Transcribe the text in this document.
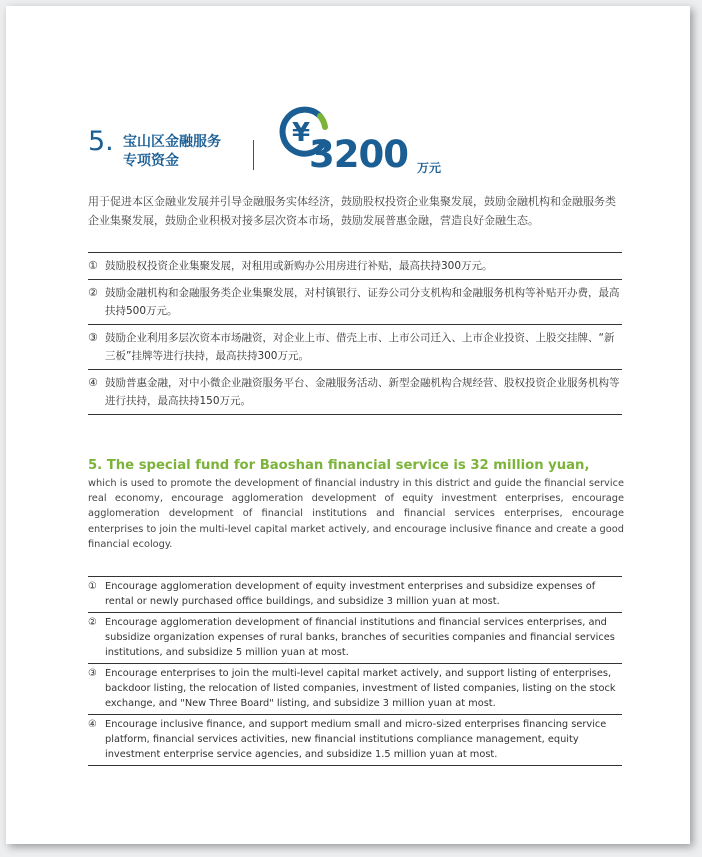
5. 宝山区金融服务
专项资金
¥
3200 万元
用于促进本区金融业发展并引导金融服务实体经济，鼓励股权投资企业集聚发展，鼓励金融机构和金融服务类企业集聚发展，鼓励企业积极对接多层次资本市场，鼓励发展普惠金融，营造良好金融生态。
① 鼓励股权投资企业集聚发展，对租用或新购办公用房进行补贴，最高扶持300万元。
② 鼓励金融机构和金融服务类企业集聚发展，对村镇银行、证券公司分支机构和金融服务机构等补贴开办费，最高扶持500万元。
③ 鼓励企业利用多层次资本市场融资，对企业上市、借壳上市、上市公司迁入、上市企业投资、上股交挂牌、“新三板”挂牌等进行扶持，最高扶持300万元。
④ 鼓励普惠金融，对中小微企业融资服务平台、金融服务活动、新型金融机构合规经营、股权投资企业服务机构等进行扶持，最高扶持150万元。
5. The special fund for Baoshan financial service is 32 million yuan,
which is used to promote the development of financial industry in this district and guide the financial service real economy, encourage agglomeration development of equity investment enterprises, encourage agglomeration development of financial institutions and financial services enterprises, encourage enterprises to join the multi-level capital market actively, and encourage inclusive finance and create a good financial ecology.
① Encourage agglomeration development of equity investment enterprises and subsidize expenses of rental or newly purchased office buildings, and subsidize 3 million yuan at most.
② Encourage agglomeration development of financial institutions and financial services enterprises, and subsidize organization expenses of rural banks, branches of securities companies and financial services institutions, and subsidize 5 million yuan at most.
③ Encourage enterprises to join the multi-level capital market actively, and support listing of enterprises, backdoor listing, the relocation of listed companies, investment of listed companies, listing on the stock exchange, and "New Three Board" listing, and subsidize 3 million yuan at most.
④ Encourage inclusive finance, and support medium small and micro-sized enterprises financing service platform, financial services activities, new financial institutions compliance management, equity investment enterprise service agencies, and subsidize 1.5 million yuan at most.
